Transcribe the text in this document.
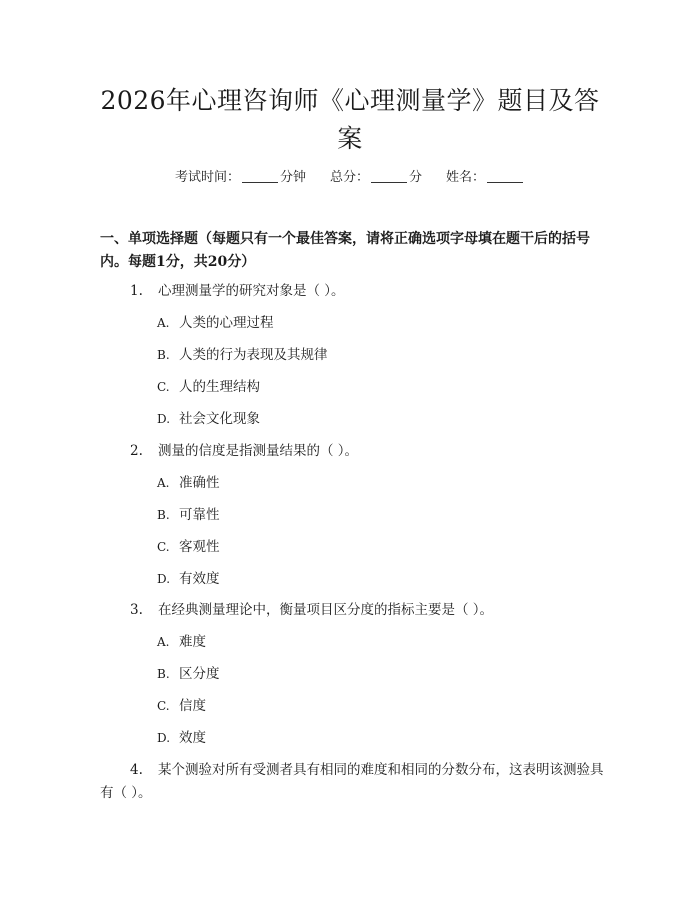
2026年心理咨询师《心理测量学》题目及答案
考试时间：	分钟 总分：	分 姓名：
一、单项选择题（每题只有一个最佳答案，请将正确选项字母填在题干后的括号内。每题1分，共20分）
1. 心理测量学的研究对象是（ ）。
A. 人类的心理过程
B. 人类的行为表现及其规律
C. 人的生理结构
D. 社会文化现象
2. 测量的信度是指测量结果的（ ）。
A. 准确性
B. 可靠性
C. 客观性
D. 有效度
3. 在经典测量理论中，衡量项目区分度的指标主要是（ ）。
A. 难度
B. 区分度
C. 信度
D. 效度
4. 某个测验对所有受测者具有相同的难度和相同的分数分布，这表明该测验具有（ ）。
